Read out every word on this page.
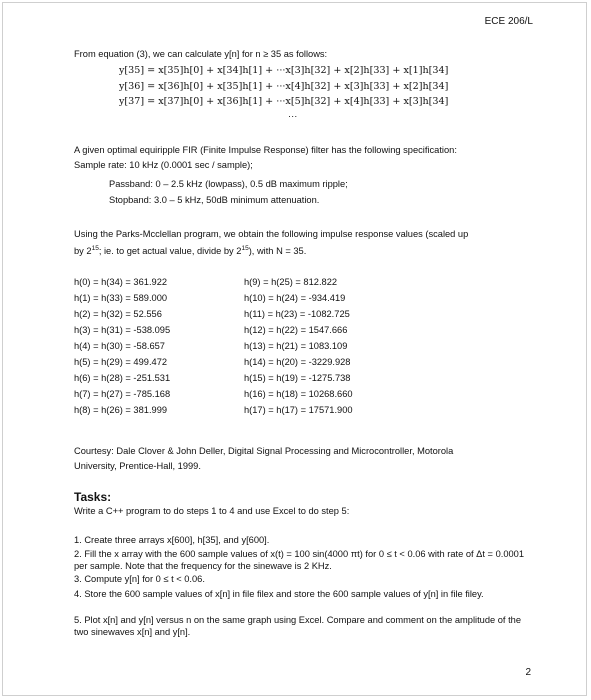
ECE 206/L
From equation (3), we can calculate y[n] for n ≥ 35 as follows:
y[35] = x[35]h[0] + x[34]h[1] + ···x[3]h[32] + x[2]h[33] + x[1]h[34]
y[36] = x[36]h[0] + x[35]h[1] + ···x[4]h[32] + x[3]h[33] + x[2]h[34]
y[37] = x[37]h[0] + x[36]h[1] + ···x[5]h[32] + x[4]h[33] + x[3]h[34]
···
A given optimal equiripple FIR (Finite Impulse Response) filter has the following specification:
Sample rate: 10 kHz (0.0001 sec / sample);
Passband: 0 – 2.5 kHz (lowpass), 0.5 dB maximum ripple;
Stopband: 3.0 – 5 kHz, 50dB minimum attenuation.
Using the Parks-Mcclellan program, we obtain the following impulse response values (scaled up
by $2^{15}$; ie. to get actual value, divide by $2^{15}$), with N = 35.
h(0) = h(34) = 361.922
h(1) = h(33) = 589.000
h(2) = h(32) = 52.556
h(3) = h(31) = -538.095
h(4) = h(30) = -58.657
h(5) = h(29) = 499.472
h(6) = h(28) = -251.531
h(7) = h(27) = -785.168
h(8) = h(26) = 381.999
h(9) = h(25) = 812.822
h(10) = h(24) = -934.419
h(11) = h(23) = -1082.725
h(12) = h(22) = 1547.666
h(13) = h(21) = 1083.109
h(14) = h(20) = -3229.928
h(15) = h(19) = -1275.738
h(16) = h(18) = 10268.660
h(17) = h(17) = 17571.900
Courtesy: Dale Clover & John Deller, Digital Signal Processing and Microcontroller, Motorola
University, Prentice-Hall, 1999.
Tasks:
Write a C++ program to do steps 1 to 4 and use Excel to do step 5:
1. Create three arrays x[600], h[35], and y[600].
2. Fill the x array with the 600 sample values of x(t) = 100 sin(4000 πt) for 0 ≤ t < 0.06 with rate of Δt = 0.0001 per sample. Note that the frequency for the sinewave is 2 KHz.
3. Compute y[n] for 0 ≤ t < 0.06.
4. Store the 600 sample values of x[n] in file filex and store the 600 sample values of y[n] in file filey.
5. Plot x[n] and y[n] versus n on the same graph using Excel. Compare and comment on the amplitude of the two sinewaves x[n] and y[n].
2
